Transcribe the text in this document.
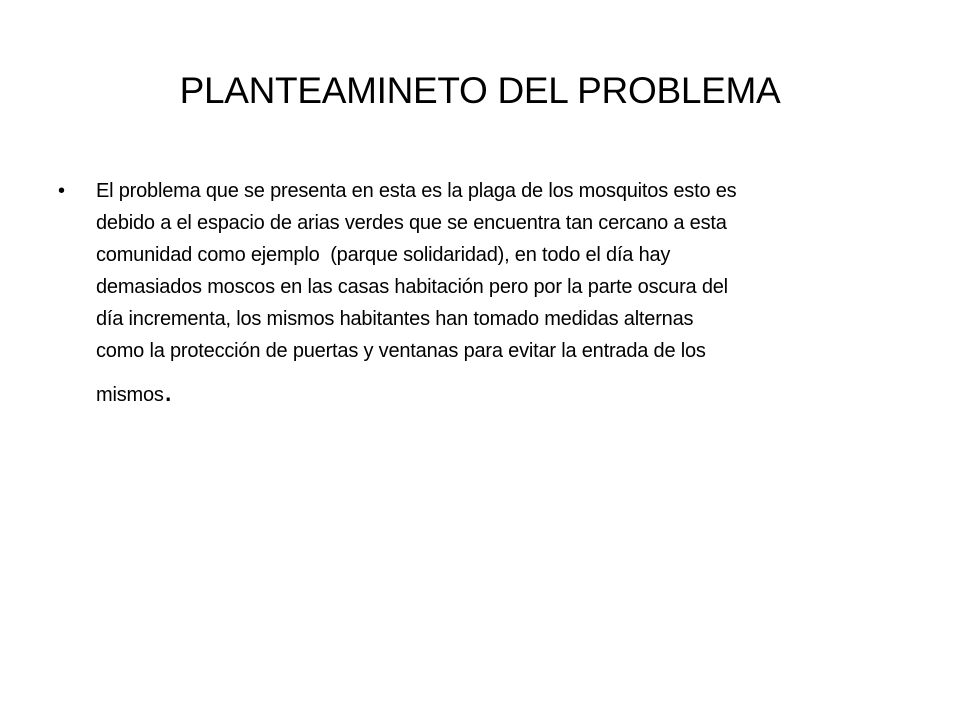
PLANTEAMINETO DEL PROBLEMA
• El problema que se presenta en esta es la plaga de los mosquitos esto es
debido a el espacio de arias verdes que se encuentra tan cercano a esta
comunidad como ejemplo  (parque solidaridad), en todo el día hay
demasiados moscos en las casas habitación pero por la parte oscura del
día incrementa, los mismos habitantes han tomado medidas alternas
como la protección de puertas y ventanas para evitar la entrada de los
mismos.
